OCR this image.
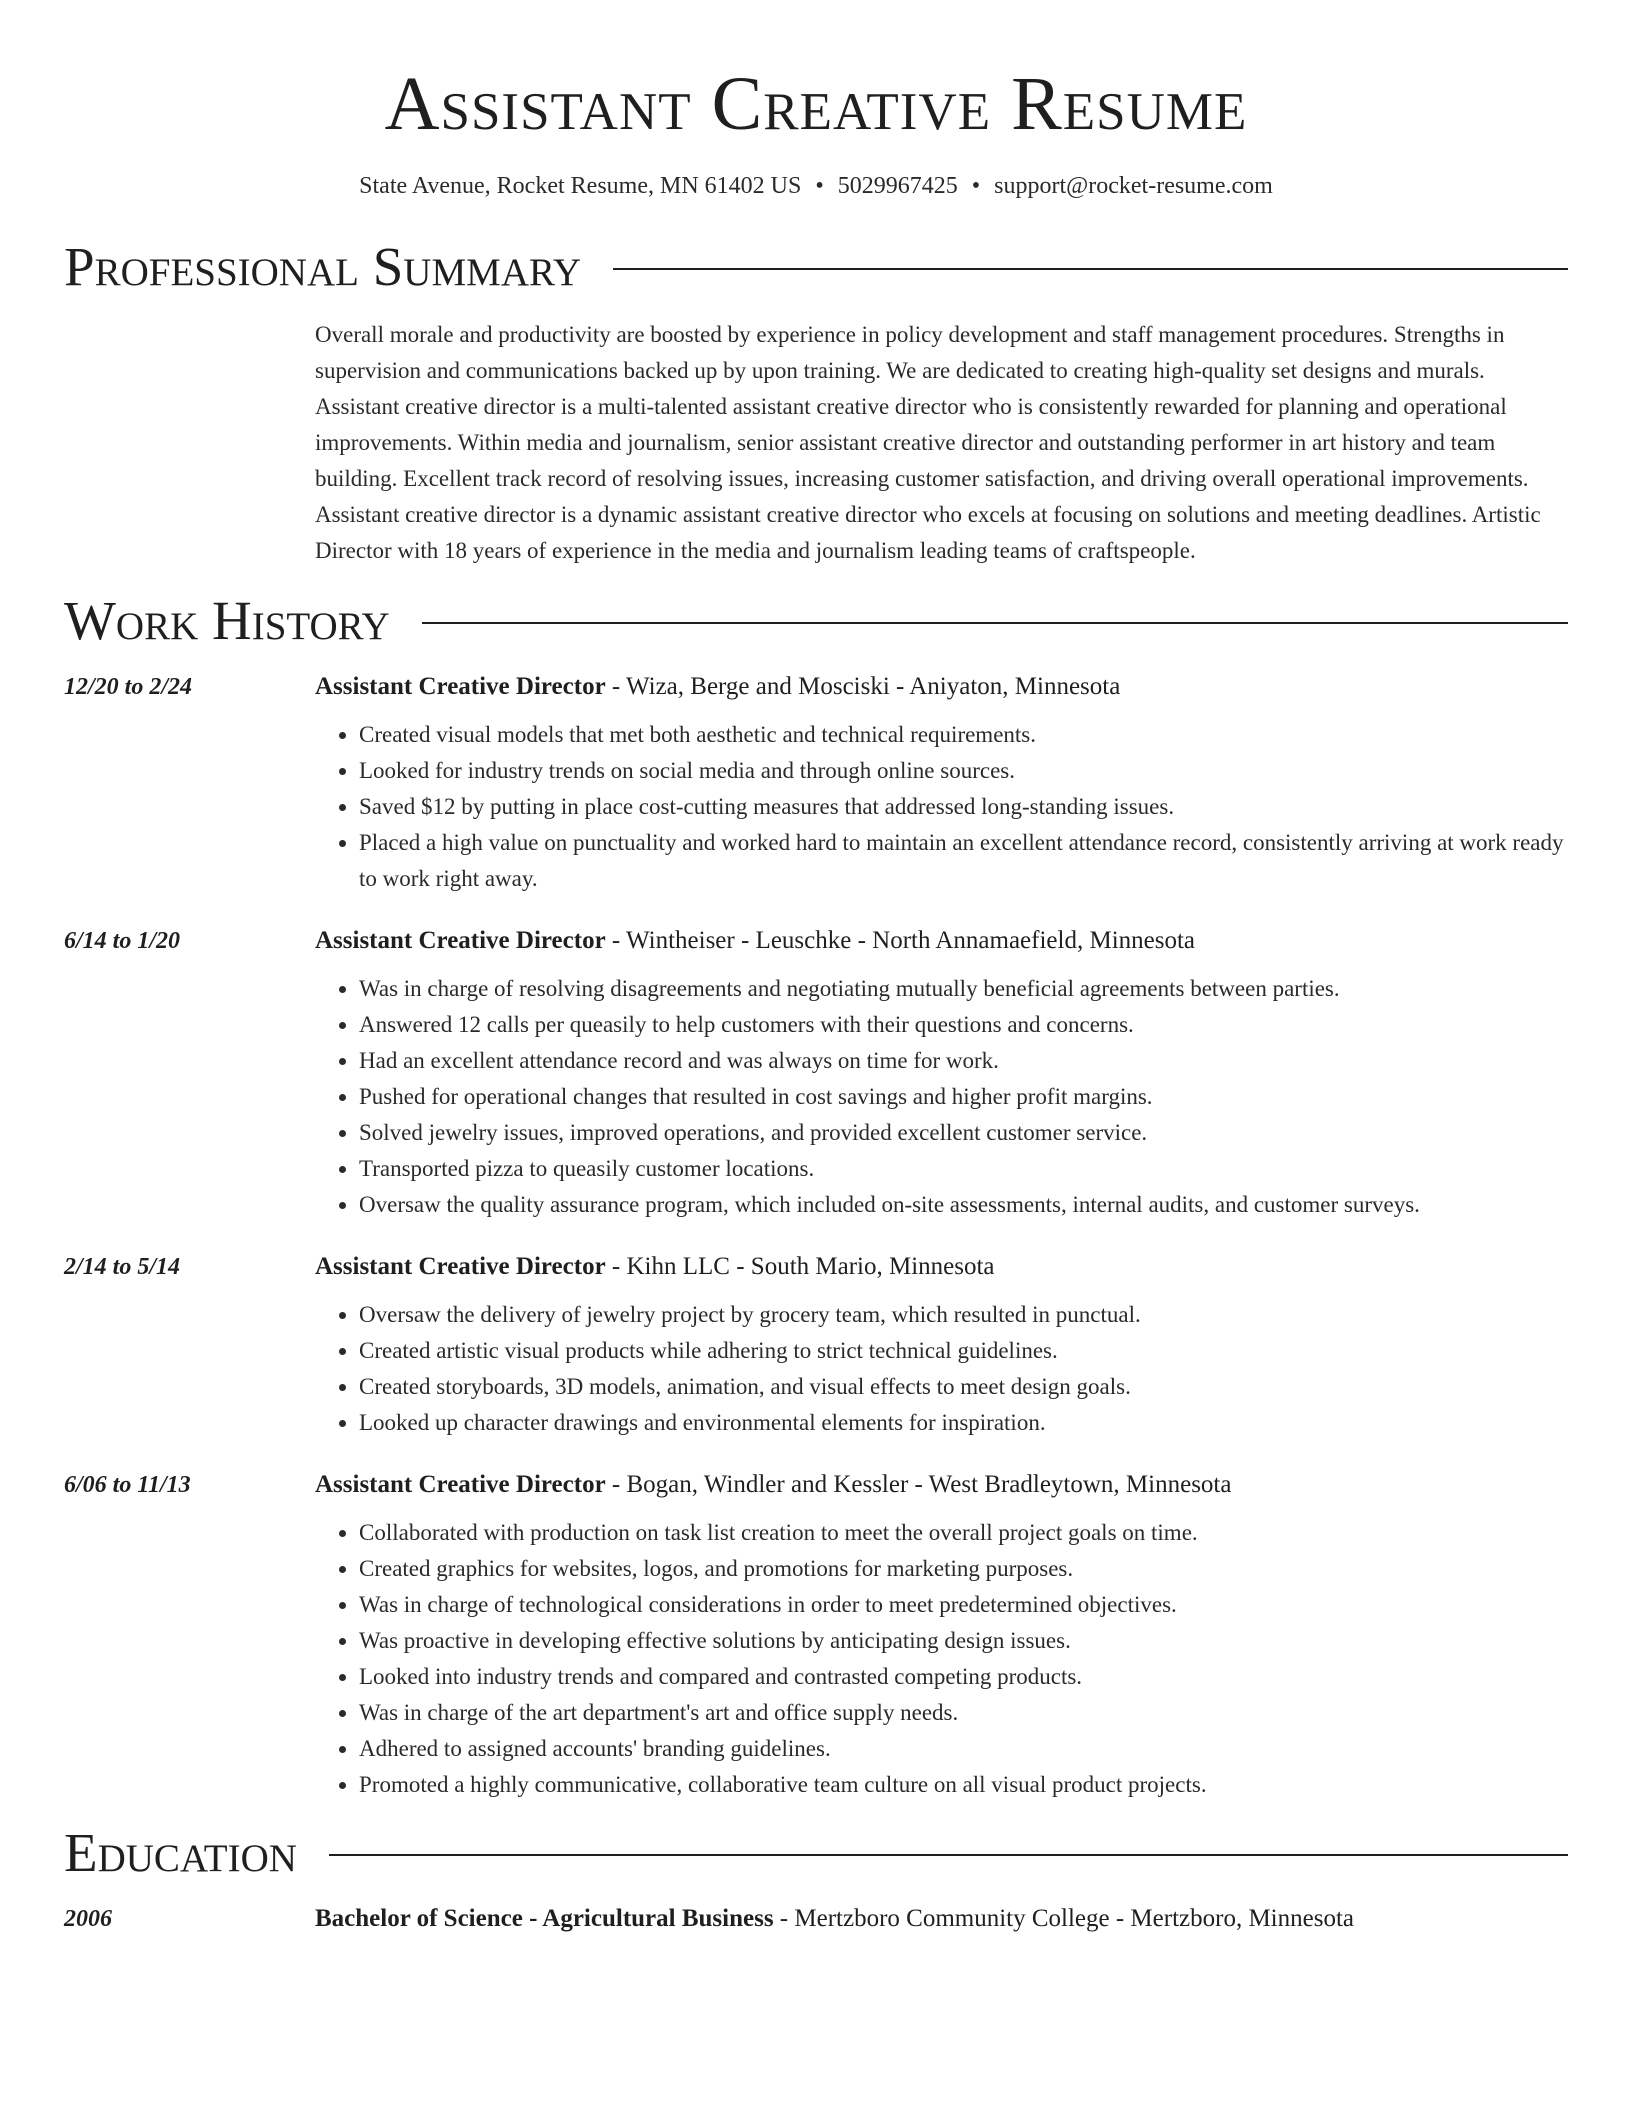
Assistant Creative Resume
State Avenue, Rocket Resume, MN 61402 US • 5029967425 • support@rocket-resume.com
Professional Summary
Overall morale and productivity are boosted by experience in policy development and staff management procedures. Strengths in supervision and communications backed up by upon training. We are dedicated to creating high-quality set designs and murals. Assistant creative director is a multi-talented assistant creative director who is consistently rewarded for planning and operational improvements. Within media and journalism, senior assistant creative director and outstanding performer in art history and team building. Excellent track record of resolving issues, increasing customer satisfaction, and driving overall operational improvements. Assistant creative director is a dynamic assistant creative director who excels at focusing on solutions and meeting deadlines. Artistic Director with 18 years of experience in the media and journalism leading teams of craftspeople.
Work History
12/20 to 2/24	Assistant Creative Director - Wiza, Berge and Mosciski - Aniyaton, Minnesota
• Created visual models that met both aesthetic and technical requirements.
• Looked for industry trends on social media and through online sources.
• Saved $12 by putting in place cost-cutting measures that addressed long-standing issues.
• Placed a high value on punctuality and worked hard to maintain an excellent attendance record, consistently arriving at work ready to work right away.
6/14 to 1/20	Assistant Creative Director - Wintheiser - Leuschke - North Annamaefield, Minnesota
• Was in charge of resolving disagreements and negotiating mutually beneficial agreements between parties.
• Answered 12 calls per queasily to help customers with their questions and concerns.
• Had an excellent attendance record and was always on time for work.
• Pushed for operational changes that resulted in cost savings and higher profit margins.
• Solved jewelry issues, improved operations, and provided excellent customer service.
• Transported pizza to queasily customer locations.
• Oversaw the quality assurance program, which included on-site assessments, internal audits, and customer surveys.
2/14 to 5/14	Assistant Creative Director - Kihn LLC - South Mario, Minnesota
• Oversaw the delivery of jewelry project by grocery team, which resulted in punctual.
• Created artistic visual products while adhering to strict technical guidelines.
• Created storyboards, 3D models, animation, and visual effects to meet design goals.
• Looked up character drawings and environmental elements for inspiration.
6/06 to 11/13	Assistant Creative Director - Bogan, Windler and Kessler - West Bradleytown, Minnesota
• Collaborated with production on task list creation to meet the overall project goals on time.
• Created graphics for websites, logos, and promotions for marketing purposes.
• Was in charge of technological considerations in order to meet predetermined objectives.
• Was proactive in developing effective solutions by anticipating design issues.
• Looked into industry trends and compared and contrasted competing products.
• Was in charge of the art department's art and office supply needs.
• Adhered to assigned accounts' branding guidelines.
• Promoted a highly communicative, collaborative team culture on all visual product projects.
Education
2006	Bachelor of Science - Agricultural Business - Mertzboro Community College - Mertzboro, Minnesota
